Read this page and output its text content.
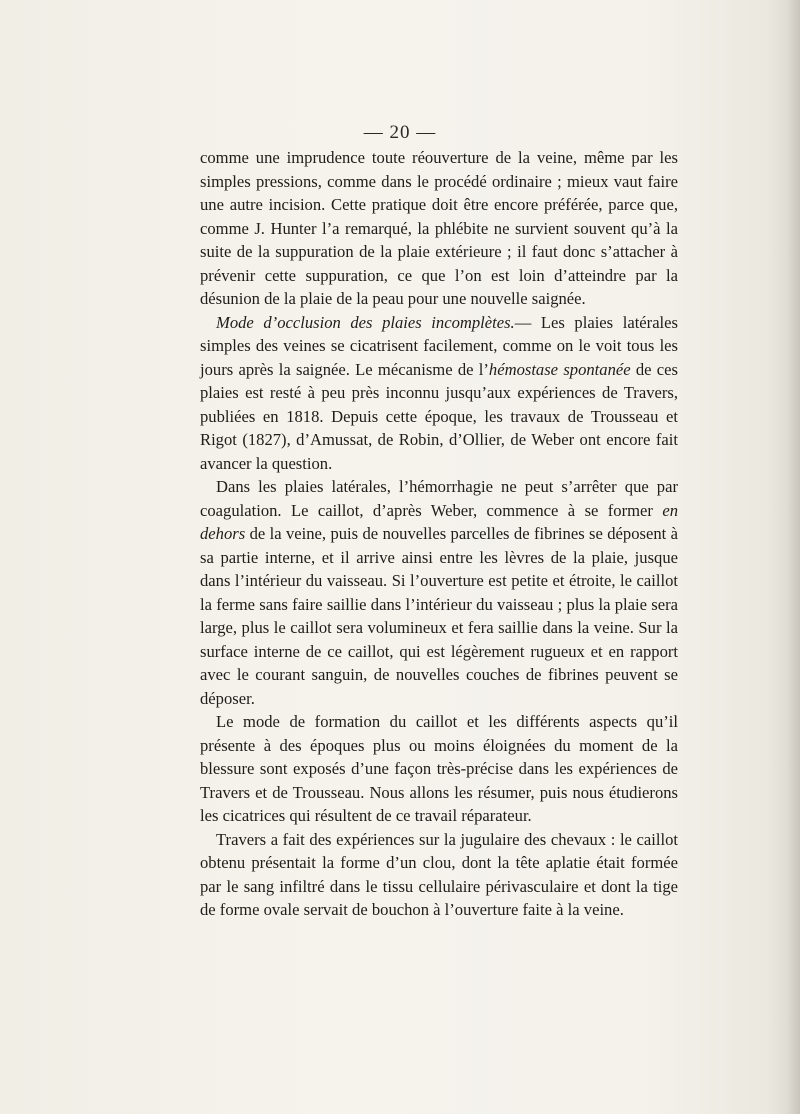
— 20 —

comme une imprudence toute réouverture de la veine, même par les simples pressions, comme dans le procédé ordinaire ; mieux vaut faire une autre incision. Cette pratique doit être encore préférée, parce que, comme J. Hunter l’a remarqué, la phlébite ne survient souvent qu’à la suite de la suppuration de la plaie extérieure ; il faut donc s’attacher à prévenir cette suppuration, ce que l’on est loin d’atteindre par la désunion de la plaie de la peau pour une nouvelle saignée.

Mode d’occlusion des plaies incomplètes.— Les plaies latérales simples des veines se cicatrisent facilement, comme on le voit tous les jours après la saignée. Le mécanisme de l’hémostase spontanée de ces plaies est resté à peu près inconnu jusqu’aux expériences de Travers, publiées en 1818. Depuis cette époque, les travaux de Trousseau et Rigot (1827), d’Amussat, de Robin, d’Ollier, de Weber ont encore fait avancer la question.

Dans les plaies latérales, l’hémorrhagie ne peut s’arrêter que par coagulation. Le caillot, d’après Weber, commence à se former en dehors de la veine, puis de nouvelles parcelles de fibrines se déposent à sa partie interne, et il arrive ainsi entre les lèvres de la plaie, jusque dans l’intérieur du vaisseau. Si l’ouverture est petite et étroite, le caillot la ferme sans faire saillie dans l’intérieur du vaisseau ; plus la plaie sera large, plus le caillot sera volumineux et fera saillie dans la veine. Sur la surface interne de ce caillot, qui est légèrement rugueux et en rapport avec le courant sanguin, de nouvelles couches de fibrines peuvent se déposer.

Le mode de formation du caillot et les différents aspects qu’il présente à des époques plus ou moins éloignées du moment de la blessure sont exposés d’une façon très-précise dans les expériences de Travers et de Trousseau. Nous allons les résumer, puis nous étudierons les cicatrices qui résultent de ce travail réparateur.

Travers a fait des expériences sur la jugulaire des chevaux : le caillot obtenu présentait la forme d’un clou, dont la tête aplatie était formée par le sang infiltré dans le tissu cellulaire périvasculaire et dont la tige de forme ovale servait de bouchon à l’ouverture faite à la veine.
